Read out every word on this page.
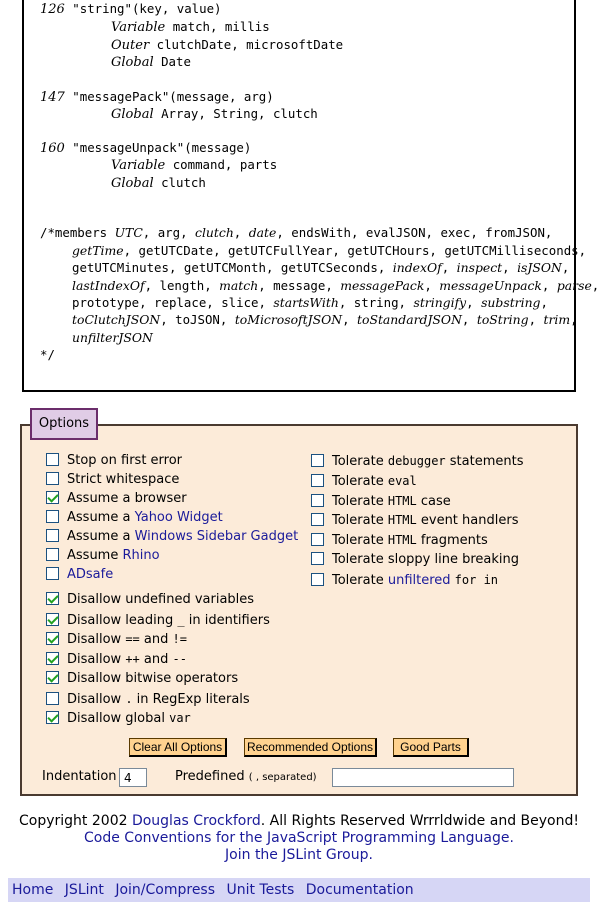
126 "string"(key, value)
Variable match, millis
Outer clutchDate, microsoftDate
Global Date
147 "messagePack"(message, arg)
Global Array, String, clutch
160 "messageUnpack"(message)
Variable command, parts
Global clutch
/*members UTC, arg, clutch, date, endsWith, evalJSON, exec, fromJSON,
getTime, getUTCDate, getUTCFullYear, getUTCHours, getUTCMilliseconds,
getUTCMinutes, getUTCMonth, getUTCSeconds, indexOf, inspect, isJSON,
lastIndexOf, length, match, message, messagePack, messageUnpack, parse,
prototype, replace, slice, startsWith, string, stringify, substring,
toClutchJSON, toJSON, toMicrosoftJSON, toStandardJSON, toString, trim,
unfilterJSON
*/
Options
Stop on first error
Strict whitespace
Assume a browser
Assume a Yahoo Widget
Assume a Windows Sidebar Gadget
Assume Rhino
ADsafe
Tolerate debugger statements
Tolerate eval
Tolerate HTML case
Tolerate HTML event handlers
Tolerate HTML fragments
Tolerate sloppy line breaking
Tolerate unfiltered for in
Disallow undefined variables
Disallow leading _ in identifiers
Disallow == and !=
Disallow ++ and --
Disallow bitwise operators
Disallow . in RegExp literals
Disallow global var
Clear All Options	Recommended Options	Good Parts
Indentation
4	Predefined ( , separated)
Copyright 2002 Douglas Crockford. All Rights Reserved Wrrrldwide and Beyond!
Code Conventions for the JavaScript Programming Language.
Join the JSLint Group.
Home JSLint Join/Compress Unit Tests Documentation
